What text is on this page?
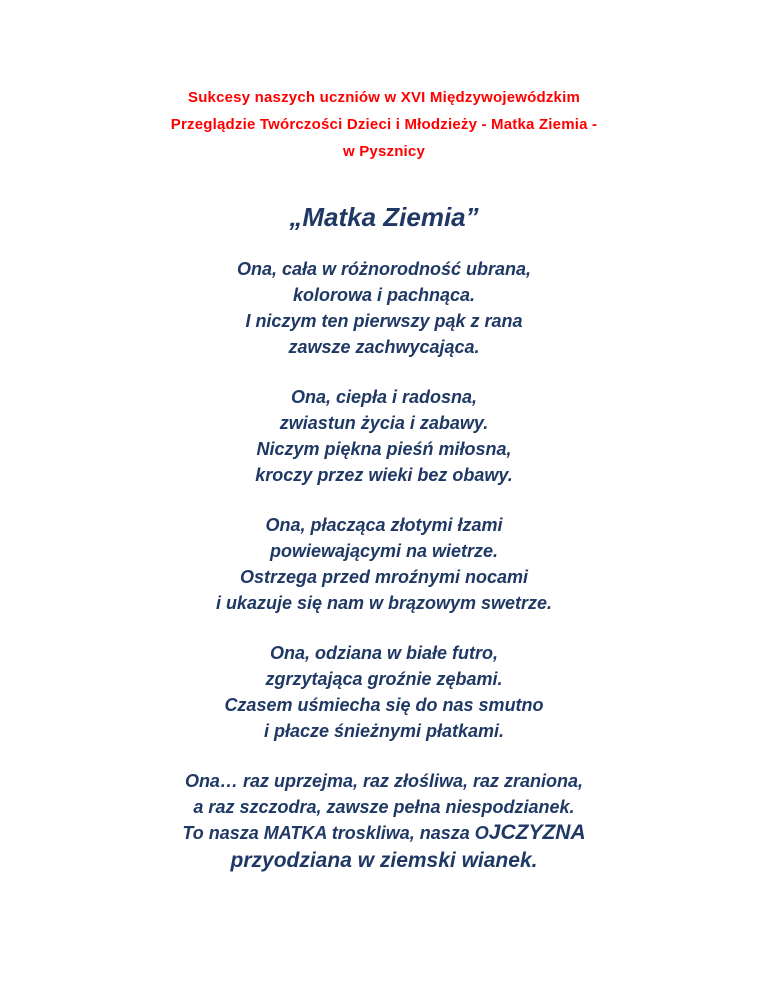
Sukcesy naszych uczniów w XVI Międzywojewódzkim
Przeglądzie Twórczości Dzieci i Młodzieży - Matka Ziemia -
w Pysznicy
„Matka Ziemia”
Ona, cała w różnorodność ubrana,
kolorowa i pachnąca.
I niczym ten pierwszy pąk z rana
zawsze zachwycająca.
Ona, ciepła i radosna,
zwiastun życia i zabawy.
Niczym piękna pieśń miłosna,
kroczy przez wieki bez obawy.
Ona, płacząca złotymi łzami
powiewającymi na wietrze.
Ostrzega przed mroźnymi nocami
i ukazuje się nam w brązowym swetrze.
Ona, odziana w białe futro,
zgrzytająca groźnie zębami.
Czasem uśmiecha się do nas smutno
i płacze śnieżnymi płatkami.
Ona… raz uprzejma, raz złośliwa, raz zraniona,
a raz szczodra, zawsze pełna niespodzianek.
To nasza MATKA troskliwa, nasza OJCZYZNA
przyodziana w ziemski wianek.
